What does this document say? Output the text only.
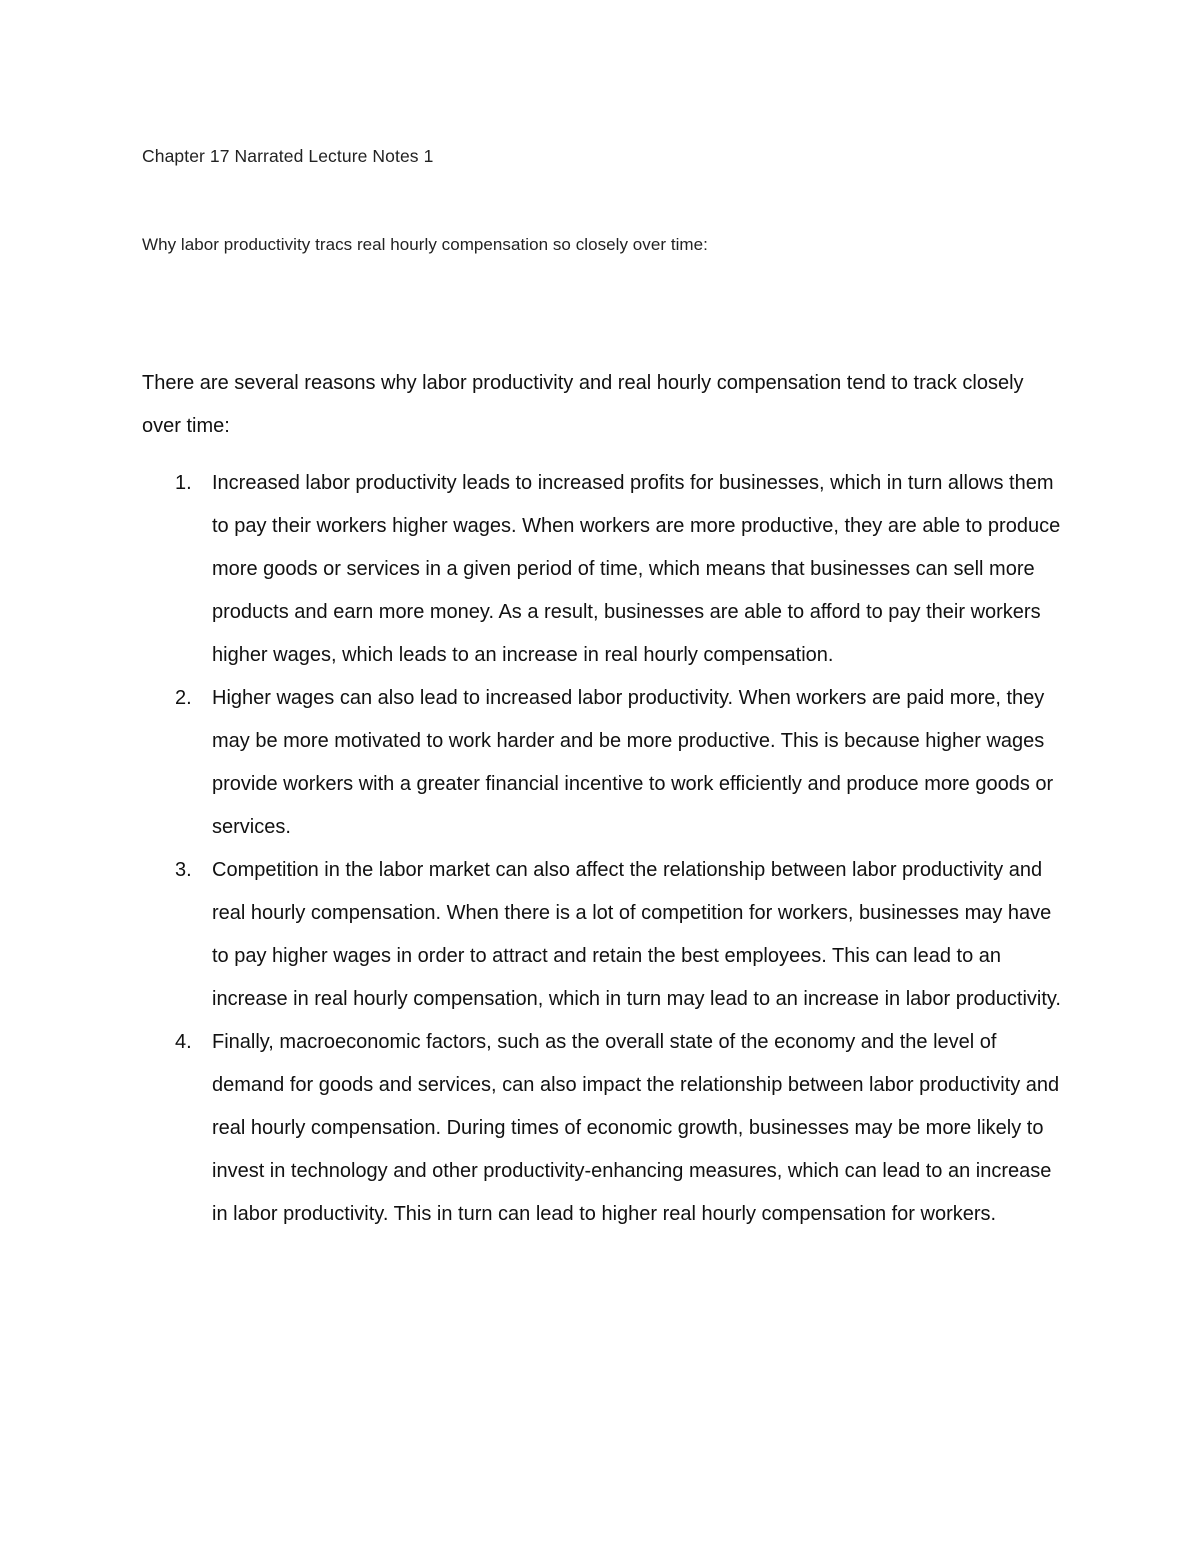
Chapter 17 Narrated Lecture Notes 1
Why labor productivity tracs real hourly compensation so closely over time:
There are several reasons why labor productivity and real hourly compensation tend to track closely over time:
1. Increased labor productivity leads to increased profits for businesses, which in turn allows them to pay their workers higher wages. When workers are more productive, they are able to produce more goods or services in a given period of time, which means that businesses can sell more products and earn more money. As a result, businesses are able to afford to pay their workers higher wages, which leads to an increase in real hourly compensation.
2. Higher wages can also lead to increased labor productivity. When workers are paid more, they may be more motivated to work harder and be more productive. This is because higher wages provide workers with a greater financial incentive to work efficiently and produce more goods or services.
3. Competition in the labor market can also affect the relationship between labor productivity and real hourly compensation. When there is a lot of competition for workers, businesses may have to pay higher wages in order to attract and retain the best employees. This can lead to an increase in real hourly compensation, which in turn may lead to an increase in labor productivity.
4. Finally, macroeconomic factors, such as the overall state of the economy and the level of demand for goods and services, can also impact the relationship between labor productivity and real hourly compensation. During times of economic growth, businesses may be more likely to invest in technology and other productivity-enhancing measures, which can lead to an increase in labor productivity. This in turn can lead to higher real hourly compensation for workers.
